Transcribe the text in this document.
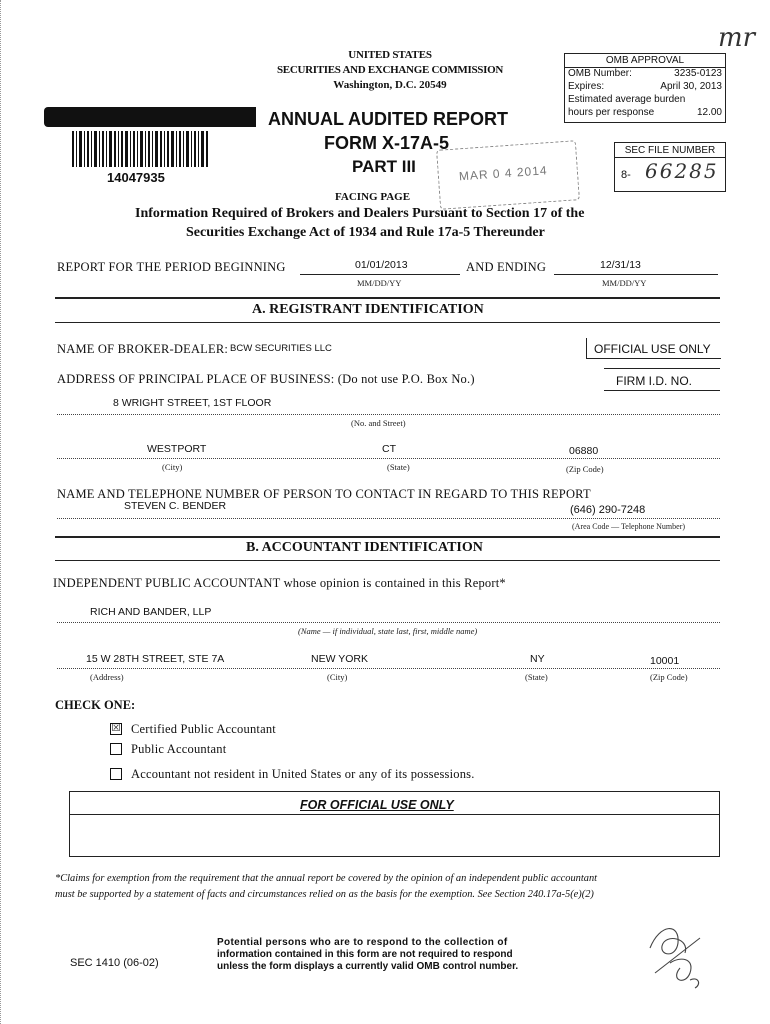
14047935
UNITED STATES
SECURITIES AND EXCHANGE COMMISSION
Washington, D.C. 20549
ANNUAL AUDITED REPORT
FORM X-17A-5
PART III	MAR 0 4 2014
FACING PAGE
Information Required of Brokers and Dealers Pursuant to Section 17 of the
Securities Exchange Act of 1934 and Rule 17a-5 Thereunder
mr
OMB APPROVAL
OMB Number:	3235-0123
Expires:	April 30, 2013
Estimated average burden
hours per response	12.00
SEC FILE NUMBER
8- 66285
REPORT FOR THE PERIOD BEGINNING	01/01/2013
MM/DD/YY
AND ENDING	12/31/13
MM/DD/YY
A. REGISTRANT IDENTIFICATION
NAME OF BROKER-DEALER: BCW SECURITIES LLC	OFFICIAL USE ONLY
ADDRESS OF PRINCIPAL PLACE OF BUSINESS: (Do not use P.O. Box No.)	FIRM I.D. NO.
8 WRIGHT STREET, 1ST FLOOR
(No. and Street)
WESTPORT	CT	06880
(City)	(State)	(Zip Code)
NAME AND TELEPHONE NUMBER OF PERSON TO CONTACT IN REGARD TO THIS REPORT
STEVEN C. BENDER	(646) 290-7248
(Area Code — Telephone Number)
B. ACCOUNTANT IDENTIFICATION
INDEPENDENT PUBLIC ACCOUNTANT whose opinion is contained in this Report*
RICH AND BANDER, LLP
(Name — if individual, state last, first, middle name)
15 W 28TH STREET, STE 7A	NEW YORK	NY	10001
(Address)	(City)	(State)	(Zip Code)
CHECK ONE:
☒ Certified Public Accountant
Public Accountant
Accountant not resident in United States or any of its possessions.
FOR OFFICIAL USE ONLY
*Claims for exemption from the requirement that the annual report be covered by the opinion of an independent public accountant
must be supported by a statement of facts and circumstances relied on as the basis for the exemption. See Section 240.17a-5(e)(2)
SEC 1410 (06-02)
Potential persons who are to respond to the collection of
information contained in this form are not required to respond
unless the form displays a currently valid OMB control number.
